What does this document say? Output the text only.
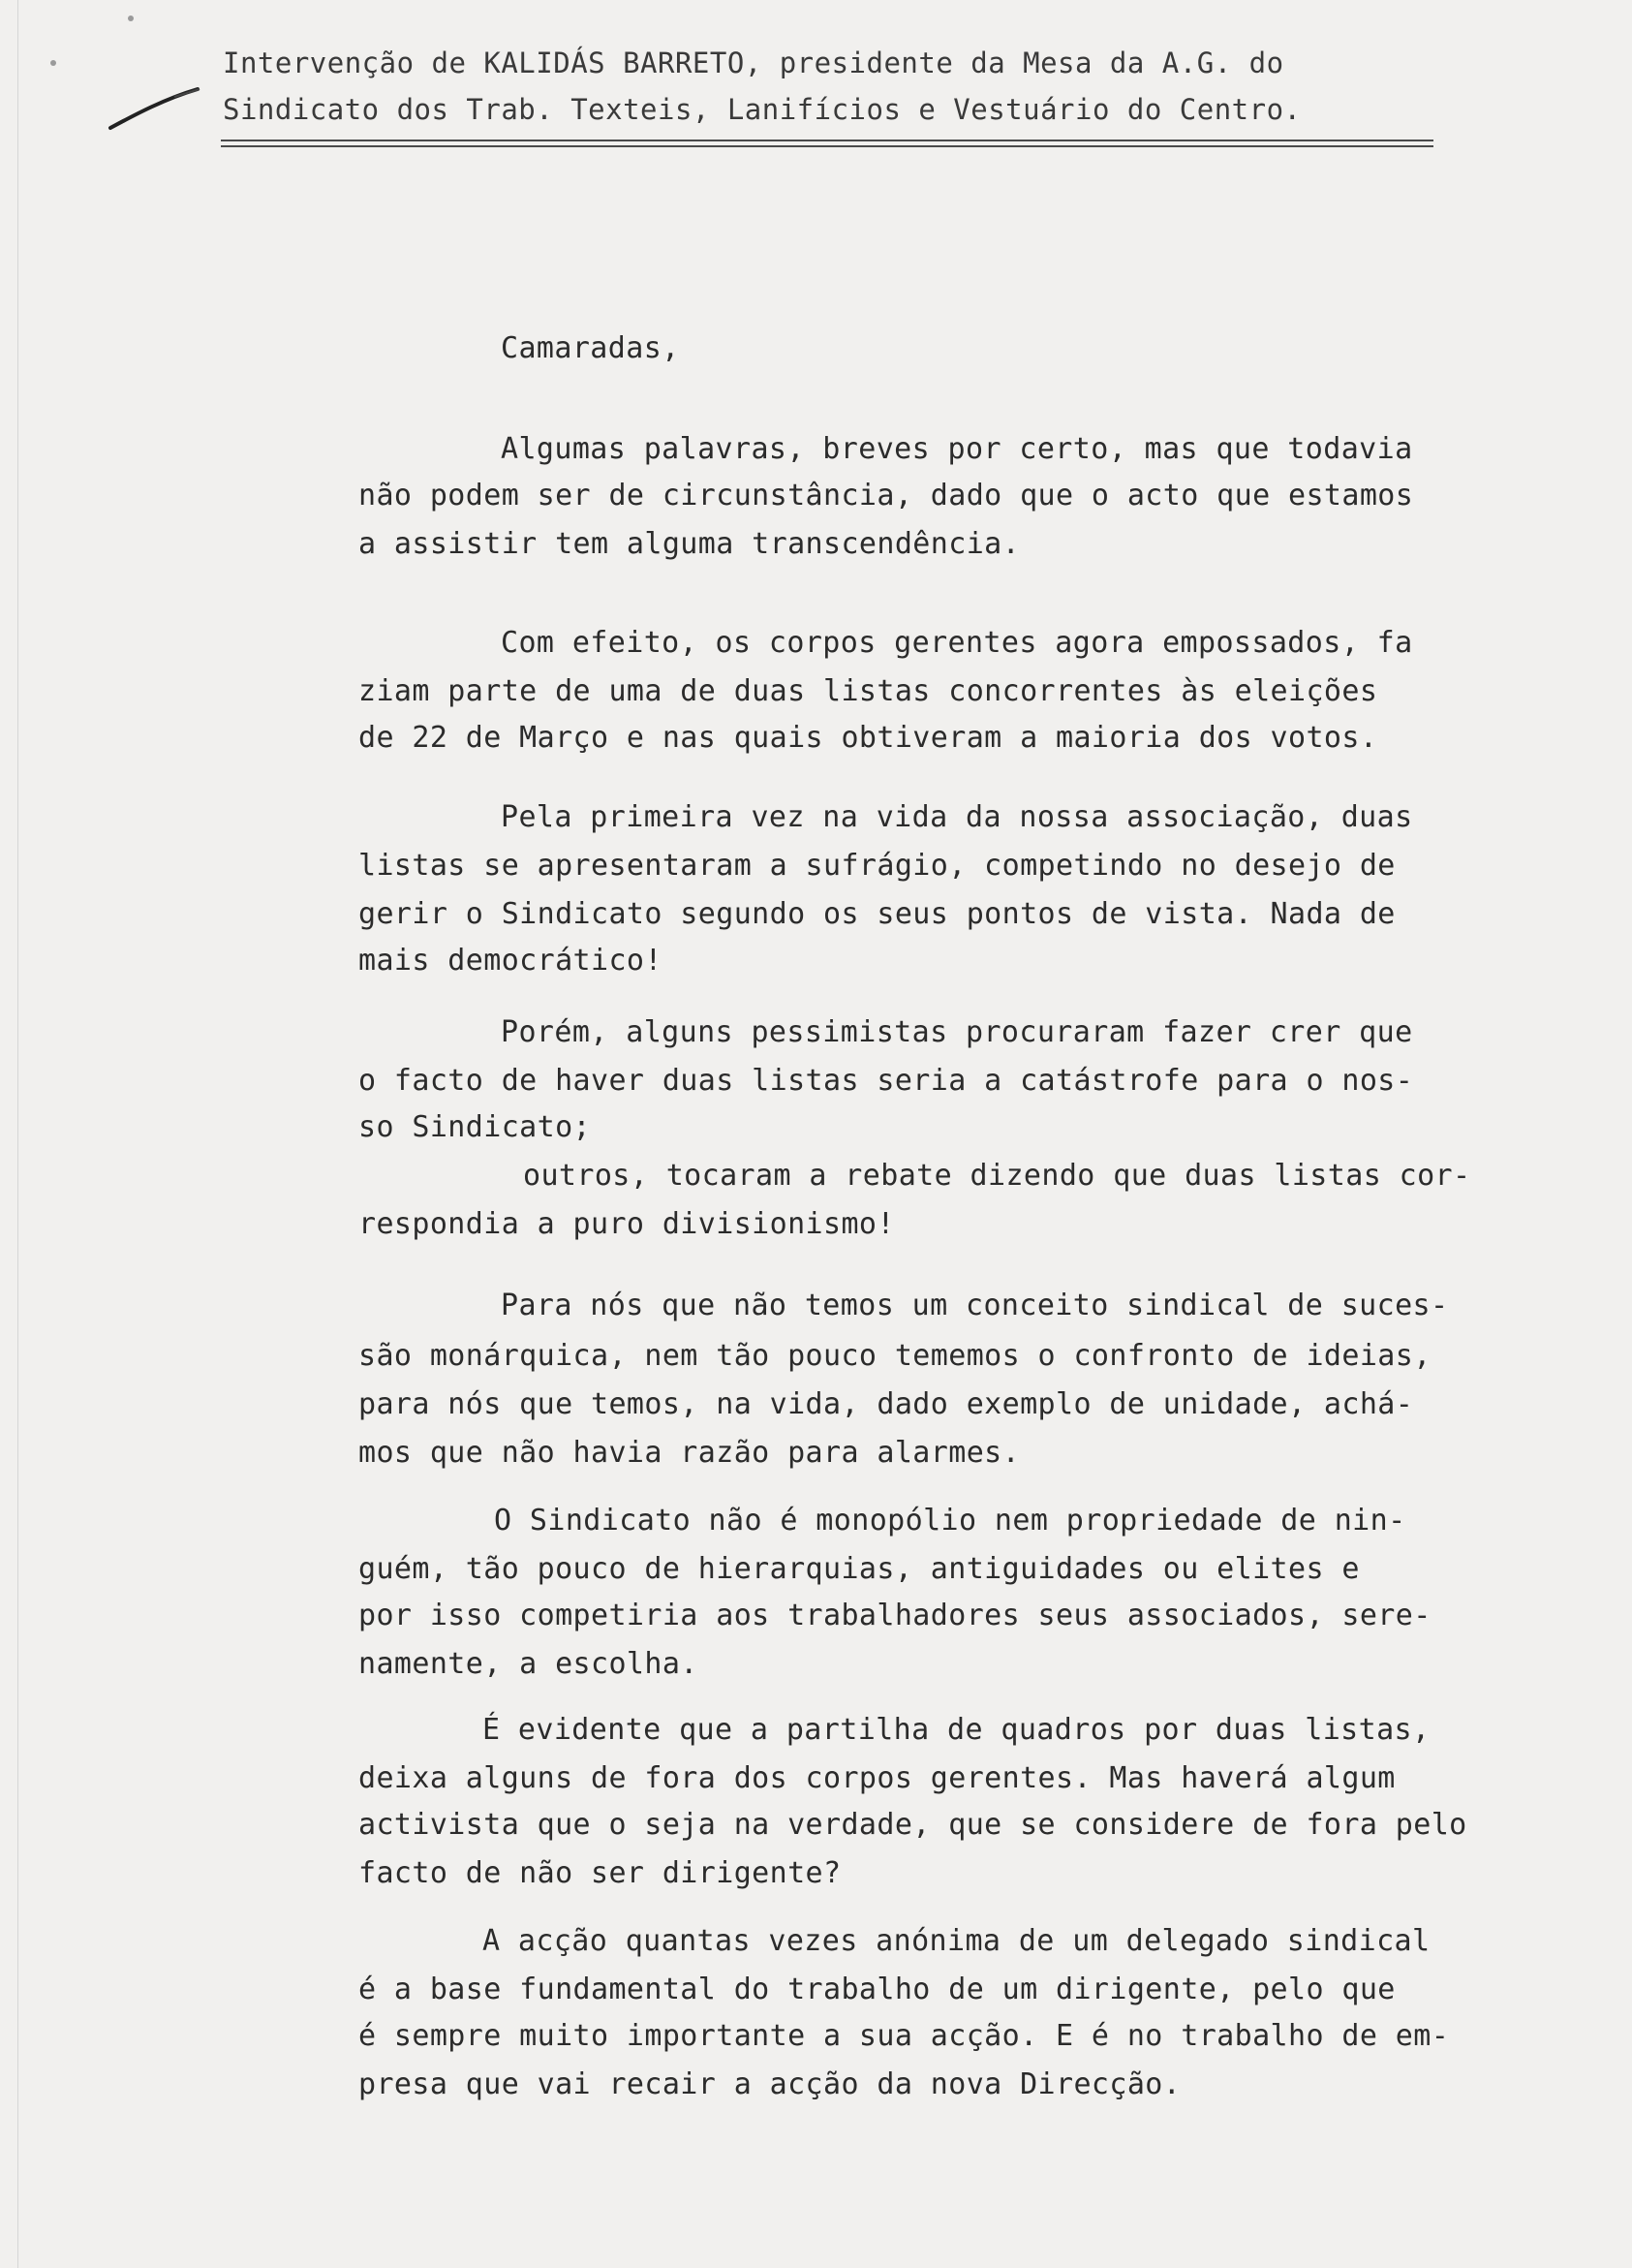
Intervenção de KALIDÁS BARRETO, presidente da Mesa da A.G. do
Sindicato dos Trab. Texteis, Lanifícios e Vestuário do Centro.
Camaradas,
Algumas palavras, breves por certo, mas que todavia
não podem ser de circunstância, dado que o acto que estamos
a assistir tem alguma transcendência.
Com efeito, os corpos gerentes agora empossados, fa
ziam parte de uma de duas listas concorrentes às eleições
de 22 de Março e nas quais obtiveram a maioria dos votos.
Pela primeira vez na vida da nossa associação, duas
listas se apresentaram a sufrágio, competindo no desejo de
gerir o Sindicato segundo os seus pontos de vista. Nada de
mais democrático!
Porém, alguns pessimistas procuraram fazer crer que
o facto de haver duas listas seria a catástrofe para o nos-
so Sindicato;
outros, tocaram a rebate dizendo que duas listas cor-
respondia a puro divisionismo!
Para nós que não temos um conceito sindical de suces-
são monárquica, nem tão pouco tememos o confronto de ideias,
para nós que temos, na vida, dado exemplo de unidade, achá-
mos que não havia razão para alarmes.
O Sindicato não é monopólio nem propriedade de nin-
guém, tão pouco de hierarquias, antiguidades ou elites e
por isso competiria aos trabalhadores seus associados, sere-
namente, a escolha.
É evidente que a partilha de quadros por duas listas,
deixa alguns de fora dos corpos gerentes. Mas haverá algum
activista que o seja na verdade, que se considere de fora pelo
facto de não ser dirigente?
A acção quantas vezes anónima de um delegado sindical
é a base fundamental do trabalho de um dirigente, pelo que
é sempre muito importante a sua acção. E é no trabalho de em-
presa que vai recair a acção da nova Direcção.
